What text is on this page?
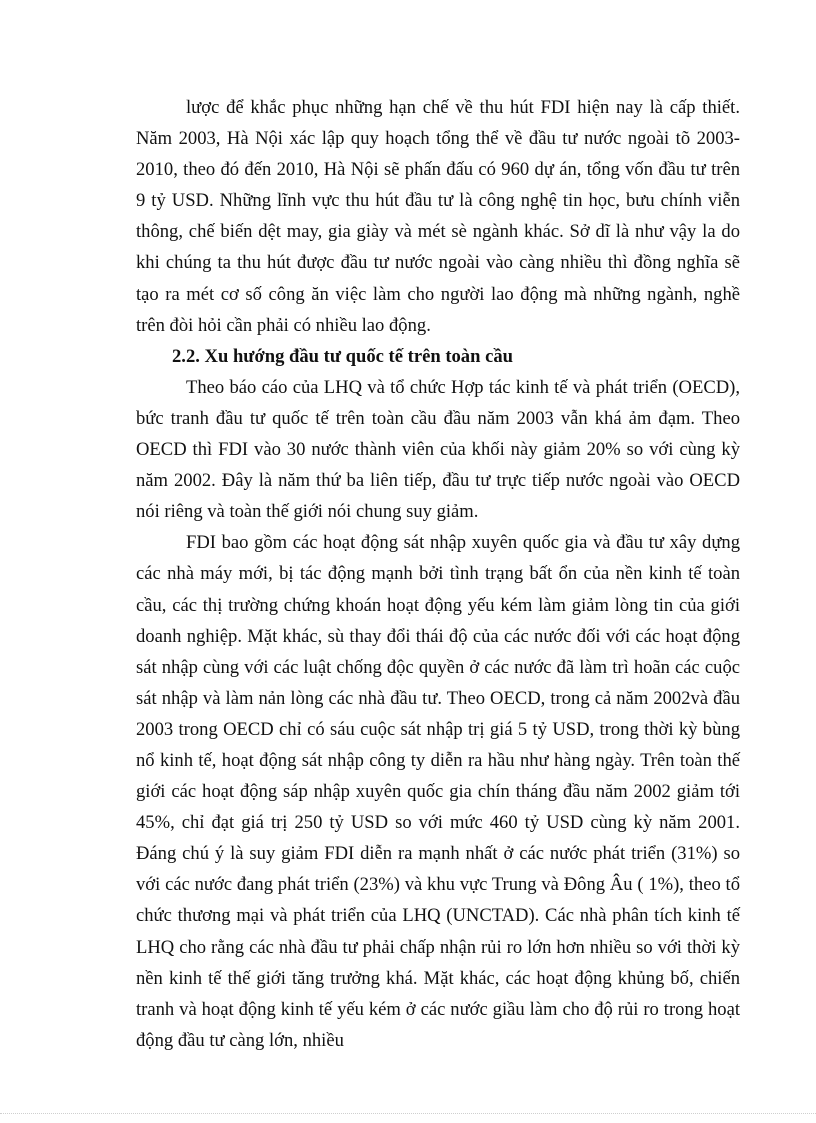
lược để khắc phục những hạn chế về thu hút FDI hiện nay là cấp thiết. Năm 2003, Hà Nội xác lập quy hoạch tổng thể về đầu tư nước ngoài tõ 2003-2010, theo đó đến 2010, Hà Nội sẽ phấn đấu có 960 dự án, tổng vốn đầu tư trên 9 tỷ USD. Những lĩnh vực thu hút đầu tư là công nghệ tin học, bưu chính viễn thông, chế biến dệt may, gia giày và mét sè ngành khác. Sở dĩ là như vậy la do khi chúng ta thu hút được đầu tư nước ngoài vào càng nhiều thì đồng nghĩa sẽ tạo ra mét cơ số công ăn việc làm cho người lao động mà những ngành, nghề trên đòi hỏi cần phải có nhiều lao động.

2.2. Xu hướng đầu tư quốc tế trên toàn cầu

Theo báo cáo của LHQ và tổ chức Hợp tác kinh tế và phát triển (OECD), bức tranh đầu tư quốc tế trên toàn cầu đầu năm 2003 vẫn khá ảm đạm. Theo OECD thì FDI vào 30 nước thành viên của khối này giảm 20% so với cùng kỳ năm 2002. Đây là năm thứ ba liên tiếp, đầu tư trực tiếp nước ngoài vào OECD nói riêng và toàn thế giới nói chung suy giảm.

FDI bao gồm các hoạt động sát nhập xuyên quốc gia và đầu tư xây dựng các nhà máy mới, bị tác động mạnh bởi tình trạng bất ổn của nền kinh tế toàn cầu, các thị trường chứng khoán hoạt động yếu kém làm giảm lòng tin của giới doanh nghiệp. Mặt khác, sù thay đổi thái độ của các nước đối với các hoạt động sát nhập cùng với các luật chống độc quyền ở các nước đã làm trì hoãn các cuộc sát nhập và làm nản lòng các nhà đầu tư. Theo OECD, trong cả năm 2002và đầu 2003 trong OECD chỉ có sáu cuộc sát nhập trị giá 5 tỷ USD, trong thời kỳ bùng nổ kinh tế, hoạt động sát nhập công ty diễn ra hầu như hàng ngày. Trên toàn thế giới các hoạt động sáp nhập xuyên quốc gia chín tháng đầu năm 2002 giảm tới 45%, chỉ đạt giá trị 250 tỷ USD so với mức 460 tỷ USD cùng kỳ năm 2001. Đáng chú ý là suy giảm FDI diễn ra mạnh nhất ở các nước phát triển (31%) so với các nước đang phát triển (23%) và khu vực Trung và Đông Âu ( 1%), theo tổ chức thương mại và phát triển của LHQ (UNCTAD). Các nhà phân tích kinh tế LHQ cho rằng các nhà đầu tư phải chấp nhận rủi ro lớn hơn nhiều so với thời kỳ nền kinh tế thế giới tăng trưởng khá. Mặt khác, các hoạt động khủng bố, chiến tranh và hoạt động kinh tế yếu kém ở các nước giầu làm cho độ rủi ro trong hoạt động đầu tư càng lớn, nhiều
